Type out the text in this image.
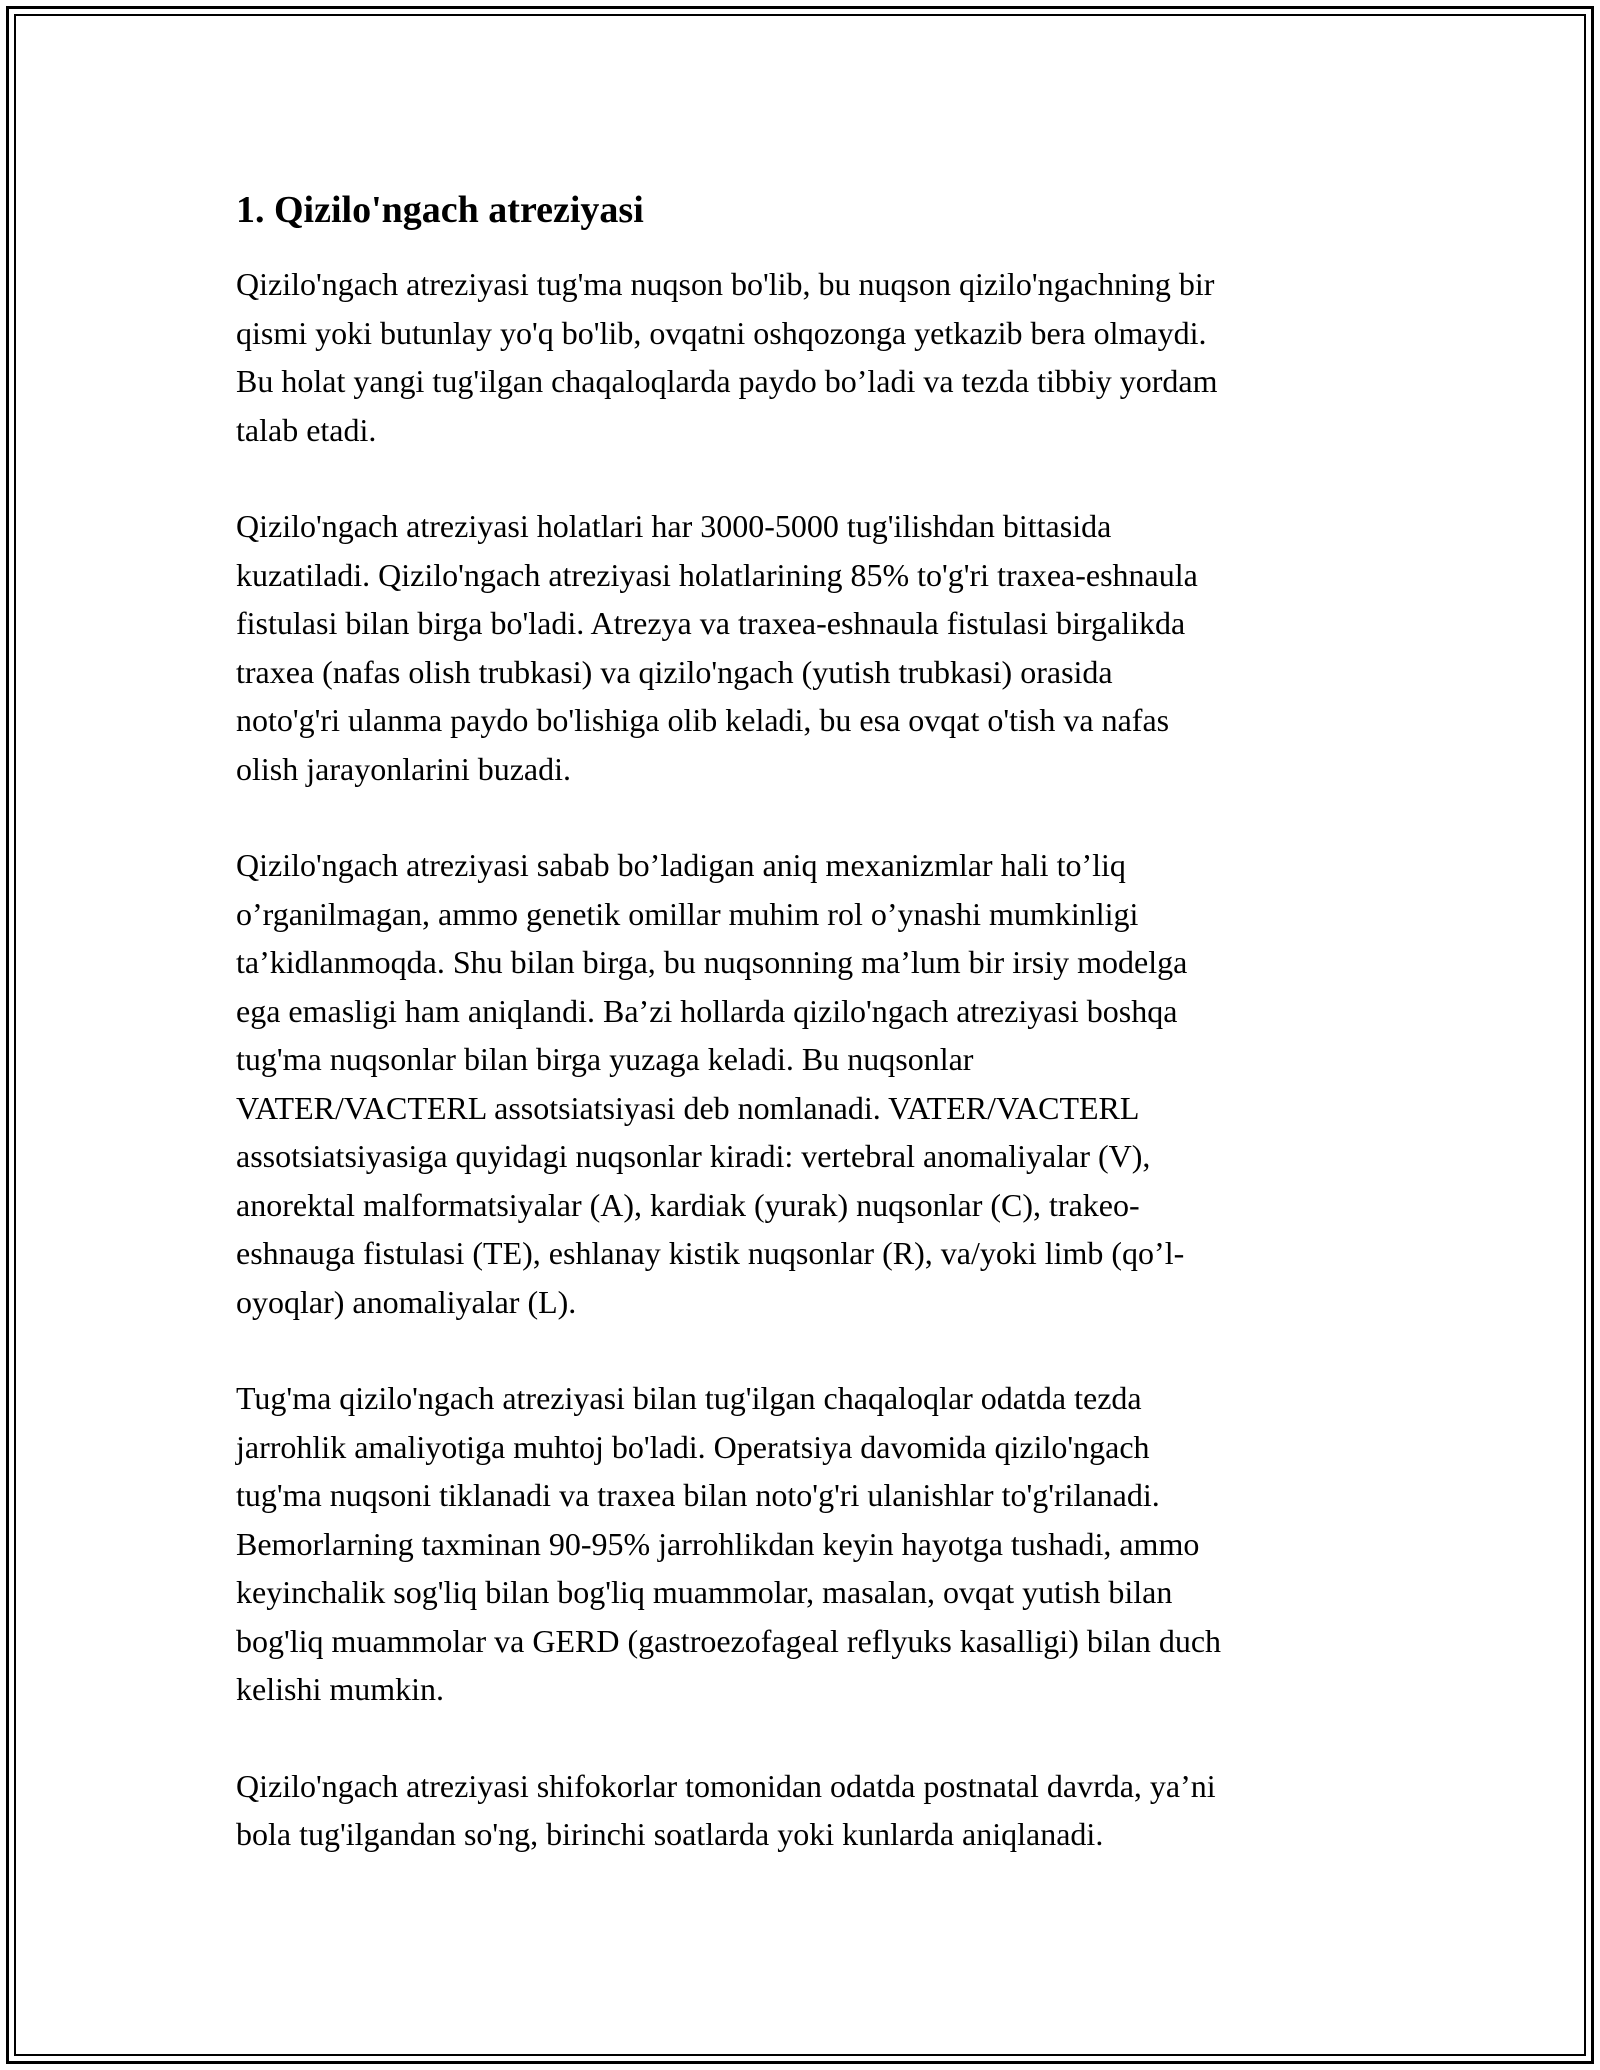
1. Qizilo'ngach atreziyasi

Qizilo'ngach atreziyasi tug'ma nuqson bo'lib, bu nuqson qizilo'ngachning bir
qismi yoki butunlay yo'q bo'lib, ovqatni oshqozonga yetkazib bera olmaydi.
Bu holat yangi tug'ilgan chaqaloqlarda paydo bo’ladi va tezda tibbiy yordam
talab etadi.

Qizilo'ngach atreziyasi holatlari har 3000-5000 tug'ilishdan bittasida
kuzatiladi. Qizilo'ngach atreziyasi holatlarining 85% to'g'ri traxea-eshnaula
fistulasi bilan birga bo'ladi. Atrezya va traxea-eshnaula fistulasi birgalikda
traxea (nafas olish trubkasi) va qizilo'ngach (yutish trubkasi) orasida
noto'g'ri ulanma paydo bo'lishiga olib keladi, bu esa ovqat o'tish va nafas
olish jarayonlarini buzadi.

Qizilo'ngach atreziyasi sabab bo’ladigan aniq mexanizmlar hali to’liq
o’rganilmagan, ammo genetik omillar muhim rol o’ynashi mumkinligi
ta’kidlanmoqda. Shu bilan birga, bu nuqsonning ma’lum bir irsiy modelga
ega emasligi ham aniqlandi. Ba’zi hollarda qizilo'ngach atreziyasi boshqa
tug'ma nuqsonlar bilan birga yuzaga keladi. Bu nuqsonlar
VATER/VACTERL assotsiatsiyasi deb nomlanadi. VATER/VACTERL
assotsiatsiyasiga quyidagi nuqsonlar kiradi: vertebral anomaliyalar (V),
anorektal malformatsiyalar (A), kardiak (yurak) nuqsonlar (C), trakeo-
eshnauga fistulasi (TE), eshlanay kistik nuqsonlar (R), va/yoki limb (qo’l-
oyoqlar) anomaliyalar (L).

Tug'ma qizilo'ngach atreziyasi bilan tug'ilgan chaqaloqlar odatda tezda
jarrohlik amaliyotiga muhtoj bo'ladi. Operatsiya davomida qizilo'ngach
tug'ma nuqsoni tiklanadi va traxea bilan noto'g'ri ulanishlar to'g'rilanadi.
Bemorlarning taxminan 90-95% jarrohlikdan keyin hayotga tushadi, ammo
keyinchalik sog'liq bilan bog'liq muammolar, masalan, ovqat yutish bilan
bog'liq muammolar va GERD (gastroezofageal reflyuks kasalligi) bilan duch
kelishi mumkin.

Qizilo'ngach atreziyasi shifokorlar tomonidan odatda postnatal davrda, ya’ni
bola tug'ilgandan so'ng, birinchi soatlarda yoki kunlarda aniqlanadi.
